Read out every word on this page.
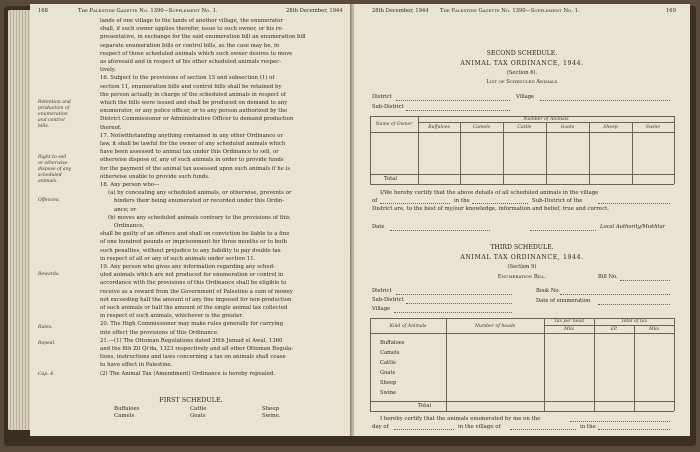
168	The Palestine Gazette No. 1390—Supplement No. 1.	28th December, 1944
lands of one village to the lands of another village, the enumerator
shall, if such owner applies therefor, issue to such owner, or his re-
presentative, in exchange for the said enumeration bill an enumeration bill
separate enumeration bills or control bills, as the case may be, in
respect of those scheduled animals which such owner desires to move
as aforesaid and in respect of his other scheduled animals respec-
tively.
16. Subject to the provisions of section 15 and subsection (1) of
section 11, enumeration bills and control bills shall be retained by
the person actually in charge of the scheduled animals in respect of
which the bills were issued and shall be produced on demand to any
enumerator, or any police officer, or to any person authorized by the
District Commissioner or Administrative Officer to demand production
thereof.
17. Notwithstanding anything contained in any other Ordinance or
law, it shall be lawful for the owner of any scheduled animals which
have been assessed to animal tax under this Ordinance to sell, or
otherwise dispose of, any of such animals in order to provide funds
for the payment of the animal tax assessed upon such animals if he is
otherwise unable to provide such funds.
18. Any person who—
(a) by concealing any scheduled animals, or otherwise, prevents or
hinders their being enumerated or recorded under this Ordin-
ance; or
(b) moves any scheduled animals contrary to the provisions of this
Ordinance,
shall be guilty of an offence and shall on conviction be liable to a fine
of one hundred pounds or imprisonment for three months or to both
such penalties, without prejudice to any liability to pay double tax
in respect of all or any of such animals under section 11.
19. Any person who gives any information regarding any sched-
uled animals which are not produced for enumeration or control in
accordance with the provisions of this Ordinance shall be eligible to
receive as a reward from the Government of Palestine a sum of money
not exceeding half the amount of any fine imposed for non-production
of such animals or half the amount of the single animal tax collected
in respect of such animals, whichever is the greater.
20. The High Commissioner may make rules generally for carrying
into effect the provisions of this Ordinance.
21.—(1) The Ottoman Regulations dated 26th Jumad el Awal, 1360
and the 8th Zil Qi'da, 1323 respectively and all other Ottoman Regula-
tions, instructions and laws concerning a tax on animals shall cease
to have effect in Palestine.
(2) The Animal Tax (Amendment) Ordinance is hereby repealed.
Retention and
production of
enumeration
and control
bills.
Right to sell
or otherwise
dispose of any
scheduled
animals.
Offences.
Rewards.
Rules.
Repeal.
Cap. 4.
FIRST SCHEDULE.
Buffaloes
Camels
Cattle
Goats
Sheep
Swine.
28th December, 1944 The Palestine Gazette No. 1390—Supplement No. 1.	169
SECOND SCHEDULE.
ANIMAL TAX ORDINANCE, 1944.
(Section 6).
List of Scheduled Animals
District	Village
Sub-District
Name of Owner
Number of Animals
Buffaloes	Camels	Cattle	Goats	Sheep	Swine
Total
I/We hereby certify that the above details of all scheduled animals in the village
of	in the	Sub-District of the
District are, to the best of my/our knowledge, information and belief, true and correct.
Date	Local Authority/Mukhtar
THIRD SCHEDULE.
ANIMAL TAX ORDINANCE, 1944.
(Section 9)
Enumeration Bill.	Bill No.
District	Book No.
Sub-District	Date of enumeration
Village
Kind of Animals	Number of heads
Tax per head	Total of tax
Mils	£P.	Mils
Buffaloes
Camels
Cattle
Goats
Sheep
Swine
Total
I hereby certify that the animals enumerated by me on the
day of	in the village of	in the
